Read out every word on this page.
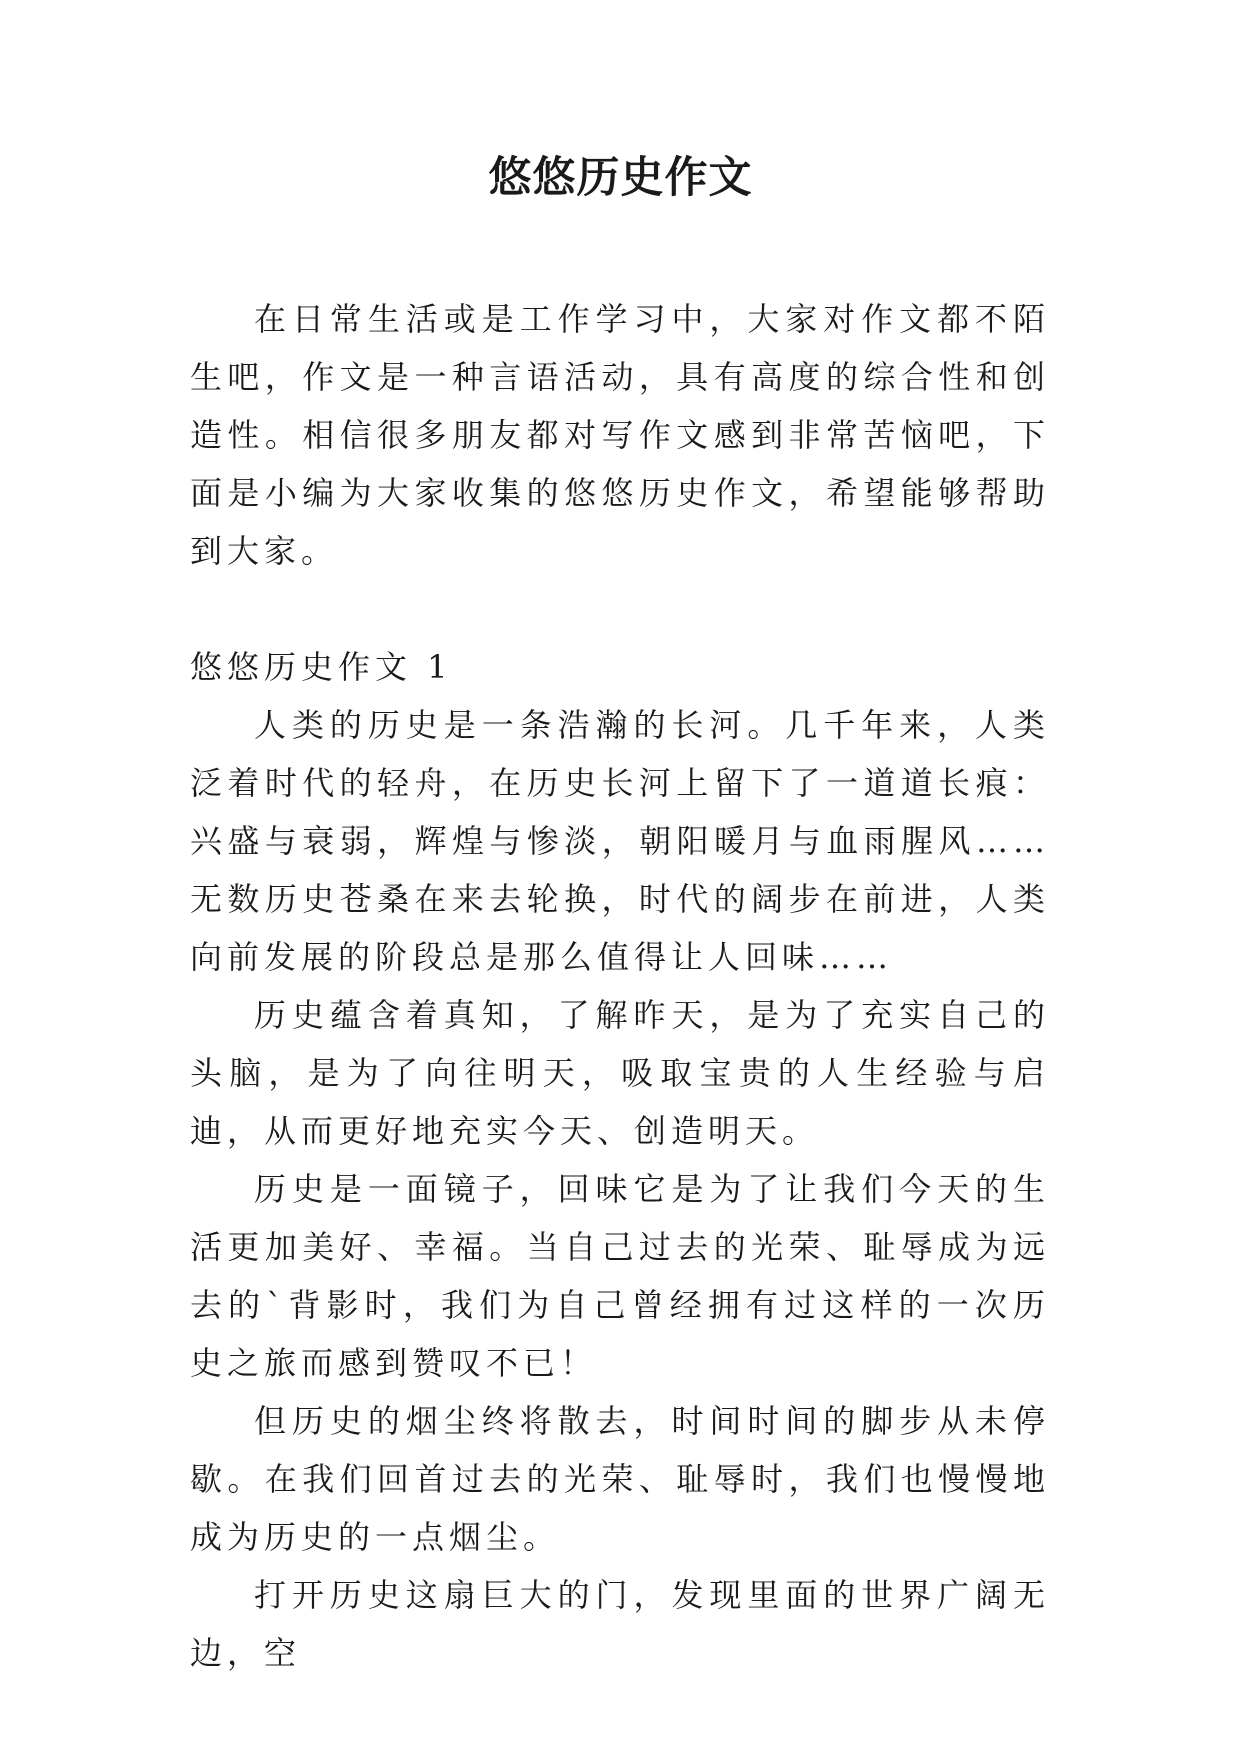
悠悠历史作文

在日常生活或是工作学习中，大家对作文都不陌生吧，作文是一种言语活动，具有高度的综合性和创造性。相信很多朋友都对写作文感到非常苦恼吧，下面是小编为大家收集的悠悠历史作文，希望能够帮助到大家。

悠悠历史作文 1

人类的历史是一条浩瀚的长河。几千年来，人类泛着时代的轻舟，在历史长河上留下了一道道长痕：兴盛与衰弱，辉煌与惨淡，朝阳暖月与血雨腥风……无数历史苍桑在来去轮换，时代的阔步在前进，人类向前发展的阶段总是那么值得让人回味……

历史蕴含着真知，了解昨天，是为了充实自己的头脑，是为了向往明天，吸取宝贵的人生经验与启迪，从而更好地充实今天、创造明天。

历史是一面镜子，回味它是为了让我们今天的生活更加美好、幸福。当自己过去的光荣、耻辱成为远去的`背影时，我们为自己曾经拥有过这样的一次历史之旅而感到赞叹不已！

但历史的烟尘终将散去，时间时间的脚步从未停歇。在我们回首过去的光荣、耻辱时，我们也慢慢地成为历史的一点烟尘。

打开历史这扇巨大的门，发现里面的世界广阔无边，空
